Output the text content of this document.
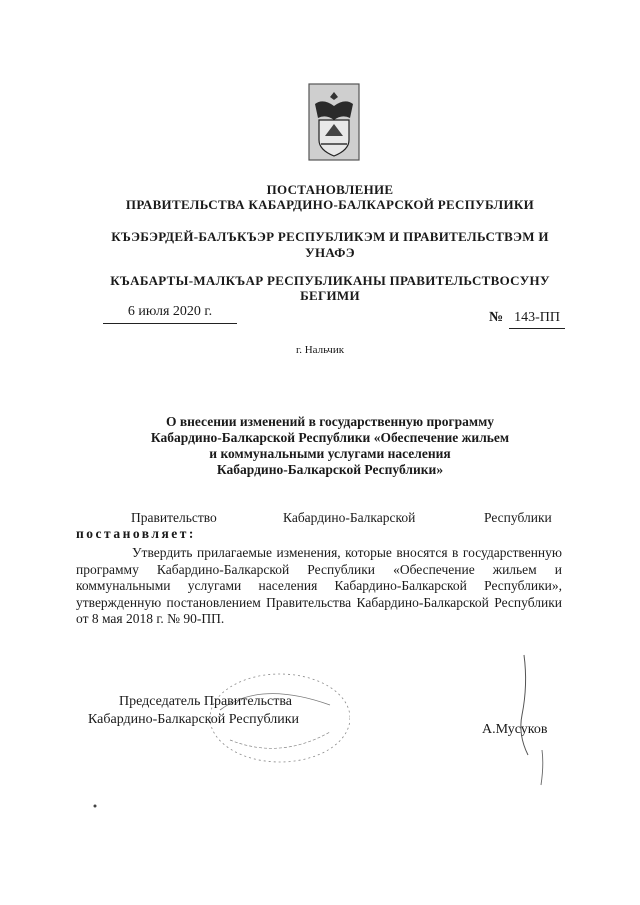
ПОСТАНОВЛЕНИЕ
ПРАВИТЕЛЬСТВА КАБАРДИНО-БАЛКАРСКОЙ РЕСПУБЛИКИ
КЪЭБЭРДЕЙ-БАЛЪКЪЭР РЕСПУБЛИКЭМ И ПРАВИТЕЛЬСТВЭМ И
УНАФЭ
КЪАБАРТЫ-МАЛКЪАР РЕСПУБЛИКАНЫ ПРАВИТЕЛЬСТВОСУНУ
БЕГИМИ
6 июля 2020 г.	№ 143-ПП
г. Нальчик
О внесении изменений в государственную программу
Кабардино-Балкарской Республики «Обеспечение жильем
и коммунальными услугами населения
Кабардино-Балкарской Республики»
Правительство	Кабардино-Балкарской	Республики
постановляет:
Утвердить прилагаемые изменения, которые вносятся в государственную программу Кабардино-Балкарской Республики «Обеспечение жильем и коммунальными услугами населения Кабардино-Балкарской Республики», утвержденную постановлением Правительства Кабардино-Балкарской Республики от 8 мая 2018 г. № 90-ПП.
Председатель Правительства
Кабардино-Балкарской Республики
А.Мусуков
